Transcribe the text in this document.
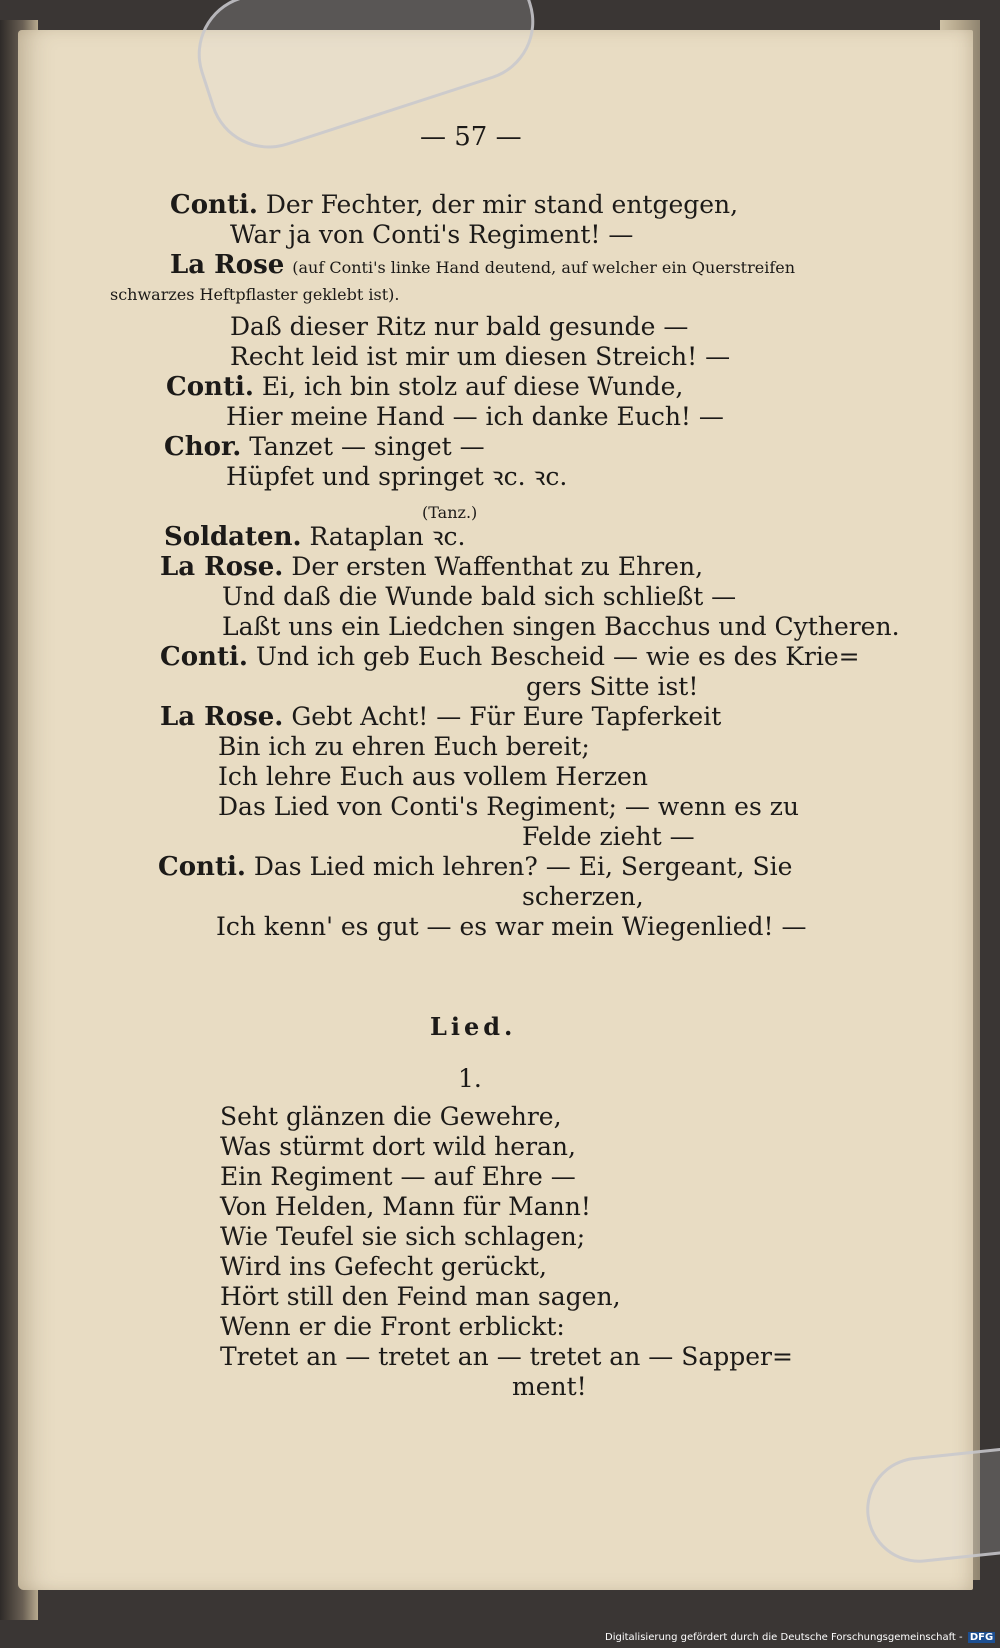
— 57 —
Conti. Der Fechter, der mir stand entgegen,
War ja von Conti's Regiment! —
La Rose (auf Conti's linke Hand deutend, auf welcher ein Querstreifen
schwarzes Heftpflaster geklebt ist).
Daß dieser Ritz nur bald gesunde —
Recht leid ist mir um diesen Streich! —
Conti. Ei, ich bin stolz auf diese Wunde,
Hier meine Hand — ich danke Euch! —
Chor. Tanzet — singet —
Hüpfet und springet ꝛc. ꝛc.
(Tanz.)
Soldaten. Rataplan ꝛc.
La Rose. Der ersten Waffenthat zu Ehren,
Und daß die Wunde bald sich schließt —
Laßt uns ein Liedchen singen Bacchus und Cytheren.
Conti. Und ich geb Euch Bescheid — wie es des Krie=
gers Sitte ist!
La Rose. Gebt Acht! — Für Eure Tapferkeit
Bin ich zu ehren Euch bereit;
Ich lehre Euch aus vollem Herzen
Das Lied von Conti's Regiment; — wenn es zu
Felde zieht —
Conti. Das Lied mich lehren? — Ei, Sergeant, Sie
scherzen,
Ich kenn' es gut — es war mein Wiegenlied! —
Lied.
1.
Seht glänzen die Gewehre,
Was stürmt dort wild heran,
Ein Regiment — auf Ehre —
Von Helden, Mann für Mann!
Wie Teufel sie sich schlagen;
Wird ins Gefecht gerückt,
Hört still den Feind man sagen,
Wenn er die Front erblickt:
Tretet an — tretet an — tretet an — Sapper=
ment!
Digitalisierung gefördert durch die Deutsche Forschungsgemeinschaft - DFG
